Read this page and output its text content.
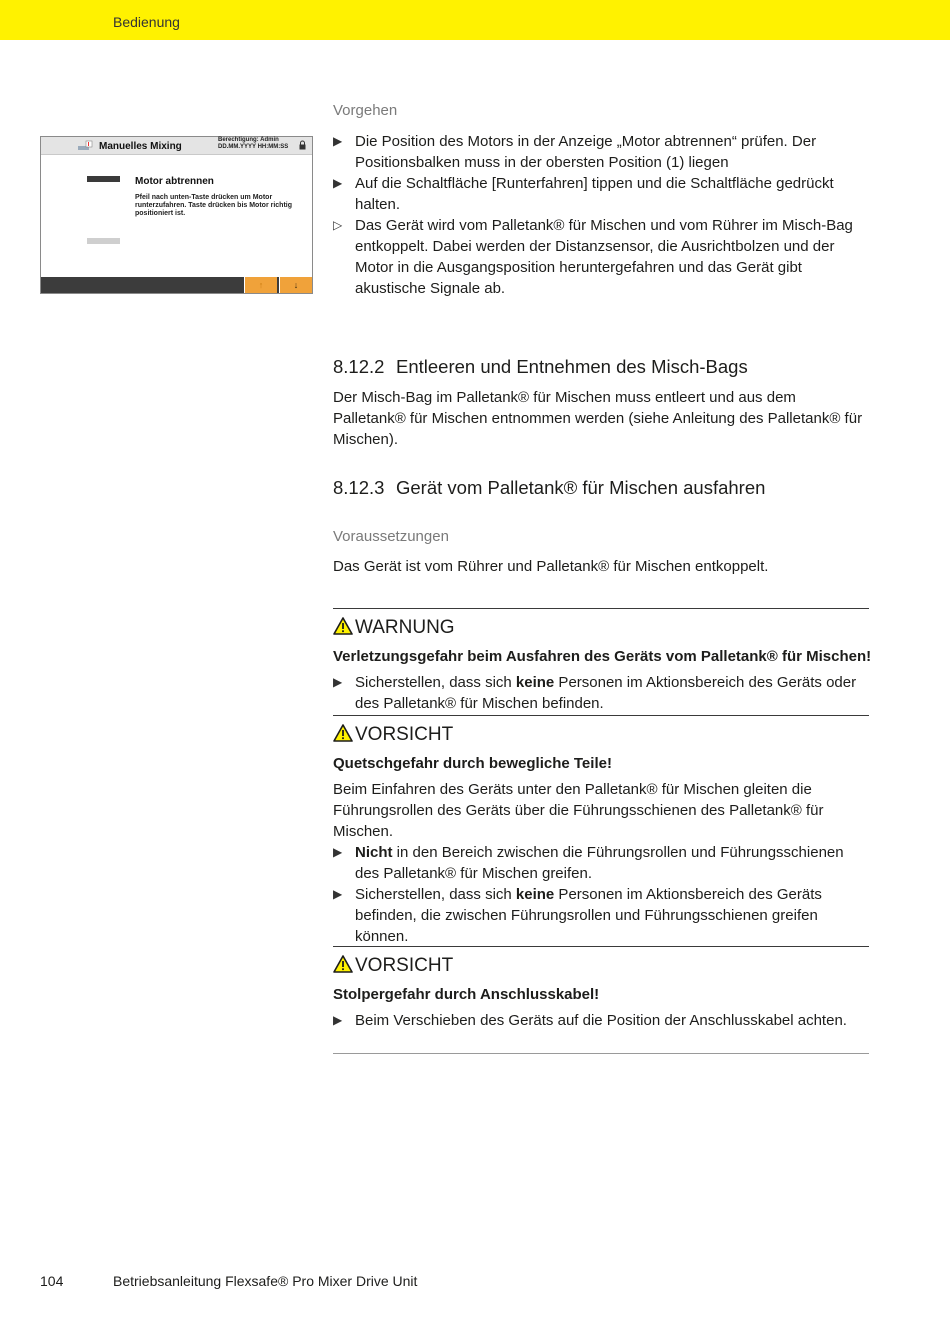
Bedienung
Manuelles Mixing
Berechtigung: Admin
DD.MM.YYYY HH:MM:SS
Motor abtrennen
Pfeil nach unten-Taste drücken um Motor runterzufahren. Taste drücken bis Motor richtig positioniert ist.
↑	↓
Vorgehen
▶ Die Position des Motors in der Anzeige „Motor abtrennen“ prüfen. Der Positionsbalken muss in der obersten Position (1) liegen
▶ Auf die Schaltfläche [Runterfahren] tippen und die Schaltfläche gedrückt halten.
▷ Das Gerät wird vom Palletank® für Mischen und vom Rührer im Misch-Bag entkoppelt. Dabei werden der Distanzsensor, die Ausrichtbolzen und der Motor in die Ausgangsposition heruntergefahren und das Gerät gibt akustische Signale ab.
8.12.2 Entleeren und Entnehmen des Misch-Bags
Der Misch-Bag im Palletank® für Mischen muss entleert und aus dem Palletank® für Mischen entnommen werden (siehe Anleitung des Palletank® für Mischen).
8.12.3 Gerät vom Palletank® für Mischen ausfahren
Voraussetzungen
Das Gerät ist vom Rührer und Palletank® für Mischen entkoppelt.
WARNUNG
Verletzungsgefahr beim Ausfahren des Geräts vom Palletank® für Mischen!
▶ Sicherstellen, dass sich keine Personen im Aktionsbereich des Geräts oder des Palletank® für Mischen befinden.
VORSICHT
Quetschgefahr durch bewegliche Teile!
Beim Einfahren des Geräts unter den Palletank® für Mischen gleiten die Führungsrollen des Geräts über die Führungsschienen des Palletank® für Mischen.
▶ Nicht in den Bereich zwischen die Führungsrollen und Führungsschienen des Palletank® für Mischen greifen.
▶ Sicherstellen, dass sich keine Personen im Aktionsbereich des Geräts befinden, die zwischen Führungsrollen und Führungsschienen greifen können.
VORSICHT
Stolpergefahr durch Anschlusskabel!
▶ Beim Verschieben des Geräts auf die Position der Anschlusskabel achten.
104	Betriebsanleitung Flexsafe® Pro Mixer Drive Unit
